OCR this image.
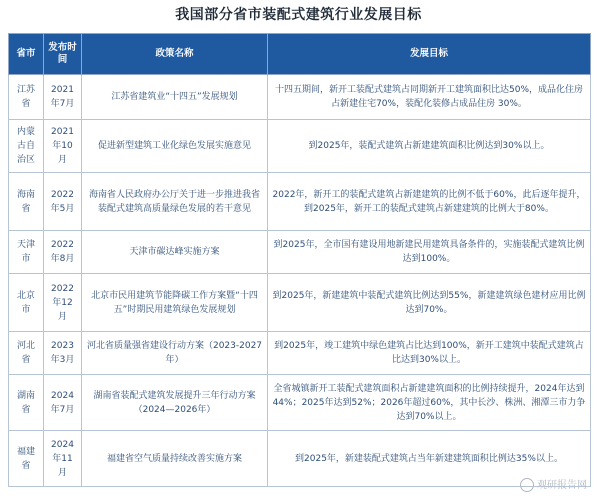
我国部分省市装配式建筑行业发展目标
省市	发布时间	政策名称	发展目标
江苏省	2021年7月	江苏省建筑业“十四五”发展规划	十四五期间，新开工装配式建筑占同期新开工建筑面积比达50%，成品化住房占新建住宅70%，装配化装修占成品住房 30%。
内蒙古自治区	2021年10月	促进新型建筑工业化绿色发展实施意见	到2025年，装配式建筑占新建建筑面积比例达到30%以上。
海南省	2022年5月	海南省人民政府办公厅关于进一步推进我省装配式建筑高质量绿色发展的若干意见	2022年，新开工的装配式建筑占新建建筑的比例不低于60%，此后逐年提升，到2025年，新开工的装配式建筑占新建建筑的比例大于80%。
天津市	2022年8月	天津市碳达峰实施方案	到2025年，全市国有建设用地新建民用建筑具备条件的，实施装配式建筑比例达到100%。
北京市	2022年12月	北京市民用建筑节能降碳工作方案暨“十四五”时期民用建筑绿色发展规划	到2025年，新建建筑中装配式建筑比例达到55%，新建建筑绿色建材应用比例达到70%。
河北省	2023年3月	河北省质量强省建设行动方案（2023-2027年）	到2025年，竣工建筑中绿色建筑占比达到100%，新开工建筑中装配式建筑占比达到30%以上。
湖南省	2024年7月	湖南省装配式建筑发展提升三年行动方案（2024—2026年）	全省城镇新开工装配式建筑面积占新建建筑面积的比例持续提升，2024年达到44%；2025年达到52%；2026年超过60%，其中长沙、株洲、湘潭三市力争达到70%以上。
福建省	2024年11月	福建省空气质量持续改善实施方案	到2025年，新建装配式建筑占当年新建建筑面积比例达35%以上。
观研报告网
